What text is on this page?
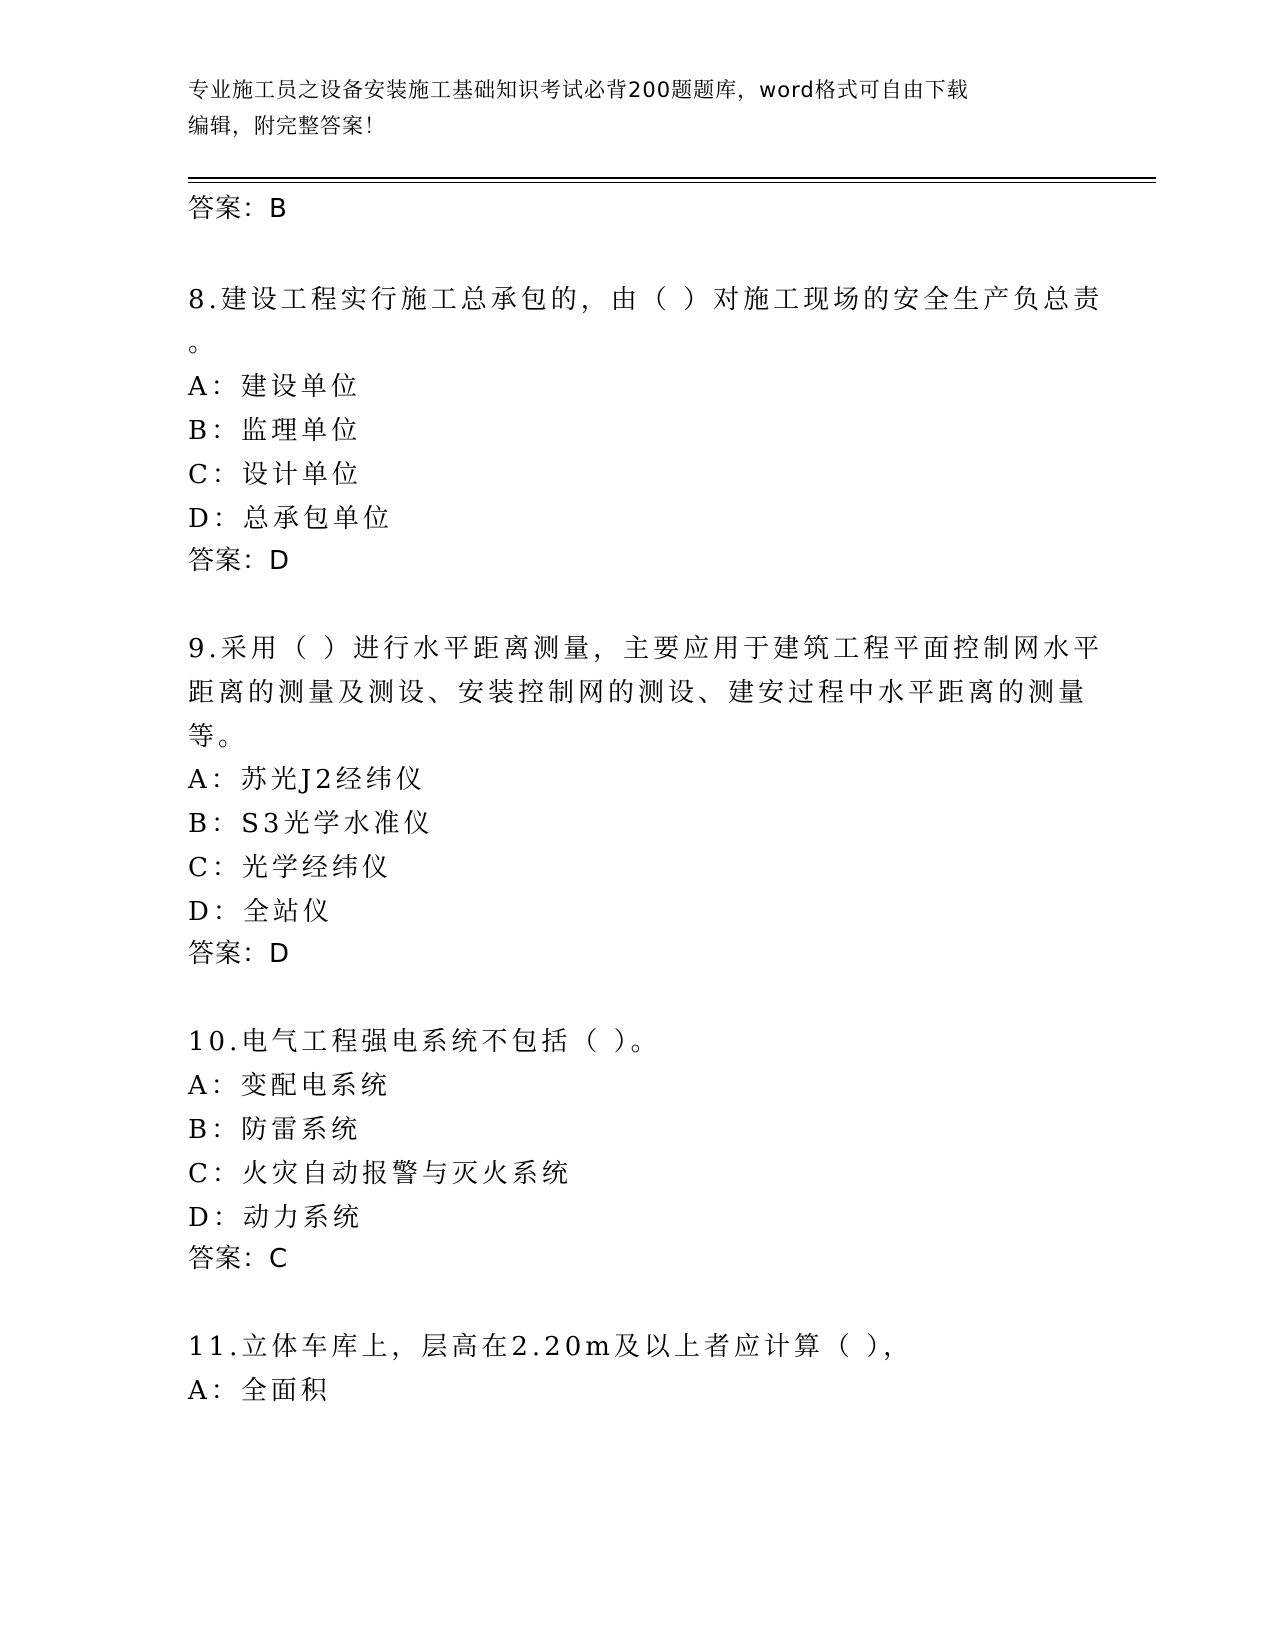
专业施工员之设备安装施工基础知识考试必背200题题库，word格式可自由下载
编辑，附完整答案！
答案：B
8.建设工程实行施工总承包的，由（ ）对施工现场的安全生产负总责
。
A：建设单位
B：监理单位
C：设计单位
D：总承包单位
答案：D
9.采用（ ）进行水平距离测量，主要应用于建筑工程平面控制网水平
距离的测量及测设、安装控制网的测设、建安过程中水平距离的测量
等。
A：苏光J2经纬仪
B：S3光学水准仪
C：光学经纬仪
D：全站仪
答案：D
10.电气工程强电系统不包括（ ）。
A：变配电系统
B：防雷系统
C：火灾自动报警与灭火系统
D：动力系统
答案：C
11.立体车库上，层高在2.20m及以上者应计算（ ），
A：全面积
